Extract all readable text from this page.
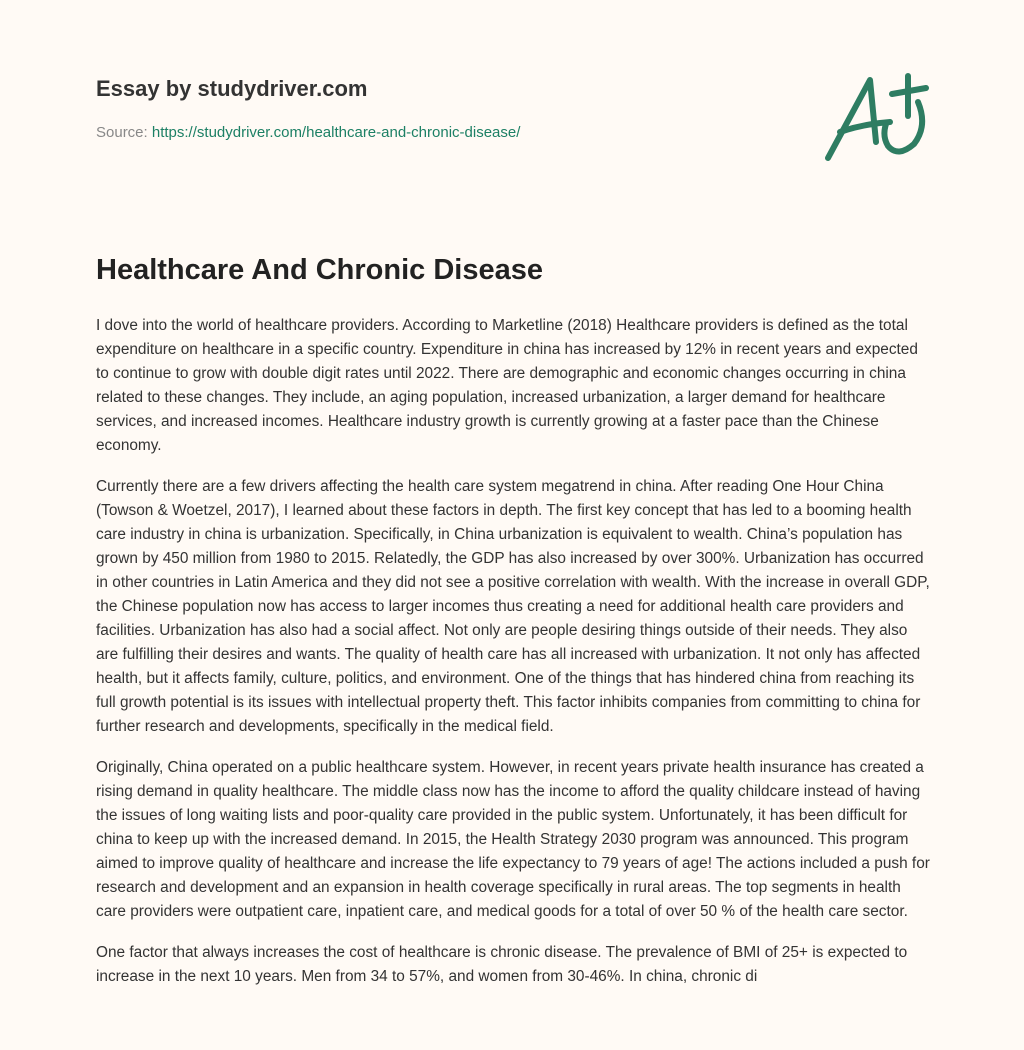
Essay by studydriver.com
Source: https://studydriver.com/healthcare-and-chronic-disease/
Healthcare And Chronic Disease

I dove into the world of healthcare providers. According to Marketline (2018) Healthcare providers is defined as the total expenditure on healthcare in a specific country. Expenditure in china has increased by 12% in recent years and expected to continue to grow with double digit rates until 2022. There are demographic and economic changes occurring in china related to these changes. They include, an aging population, increased urbanization, a larger demand for healthcare services, and increased incomes. Healthcare industry growth is currently growing at a faster pace than the Chinese economy.

Currently there are a few drivers affecting the health care system megatrend in china. After reading One Hour China (Towson & Woetzel, 2017), I learned about these factors in depth. The first key concept that has led to a booming health care industry in china is urbanization. Specifically, in China urbanization is equivalent to wealth. China’s population has grown by 450 million from 1980 to 2015. Relatedly, the GDP has also increased by over 300%. Urbanization has occurred in other countries in Latin America and they did not see a positive correlation with wealth. With the increase in overall GDP, the Chinese population now has access to larger incomes thus creating a need for additional health care providers and facilities. Urbanization has also had a social affect. Not only are people desiring things outside of their needs. They also are fulfilling their desires and wants. The quality of health care has all increased with urbanization. It not only has affected health, but it affects family, culture, politics, and environment. One of the things that has hindered china from reaching its full growth potential is its issues with intellectual property theft. This factor inhibits companies from committing to china for further research and developments, specifically in the medical field.

Originally, China operated on a public healthcare system. However, in recent years private health insurance has created a rising demand in quality healthcare. The middle class now has the income to afford the quality childcare instead of having the issues of long waiting lists and poor-quality care provided in the public system. Unfortunately, it has been difficult for china to keep up with the increased demand. In 2015, the Health Strategy 2030 program was announced. This program aimed to improve quality of healthcare and increase the life expectancy to 79 years of age! The actions included a push for research and development and an expansion in health coverage specifically in rural areas. The top segments in health care providers were outpatient care, inpatient care, and medical goods for a total of over 50 % of the health care sector.

One factor that always increases the cost of healthcare is chronic disease. The prevalence of BMI of 25+ is expected to increase in the next 10 years. Men from 34 to 57%, and women from 30-46%. In china, chronic di
